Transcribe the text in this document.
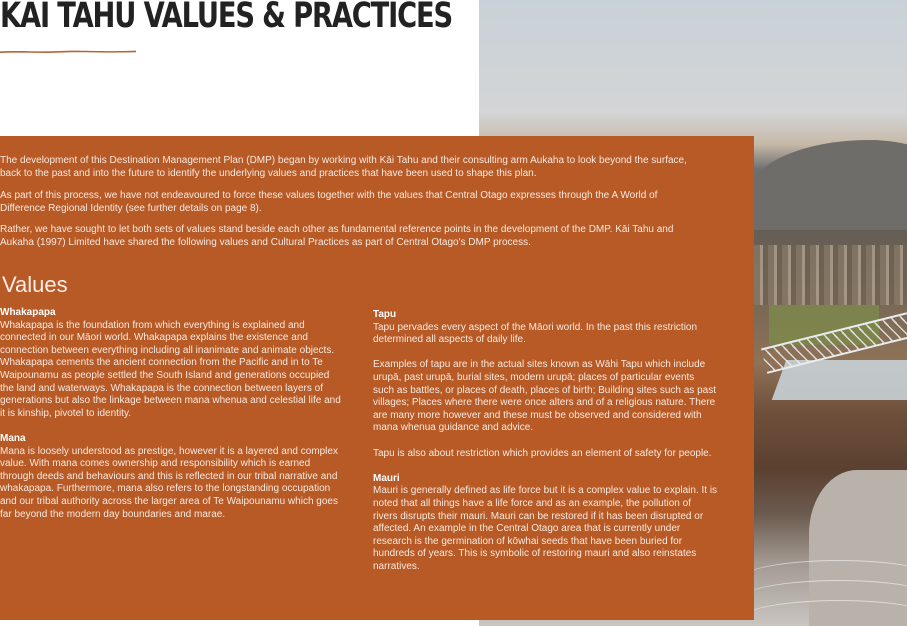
KAI TAHU VALUES & PRACTICES

The development of this Destination Management Plan (DMP) began by working with Kāi Tahu and their consulting arm Aukaha to look beyond the surface, back to the past and into the future to identify the underlying values and practices that have been used to shape this plan.

As part of this process, we have not endeavoured to force these values together with the values that Central Otago expresses through the A World of Difference Regional Identity (see further details on page 8).

Rather, we have sought to let both sets of values stand beside each other as fundamental reference points in the development of the DMP. Kāi Tahu and Aukaha (1997) Limited have shared the following values and Cultural Practices as part of Central Otago's DMP process.

Values
Whakapapa

Whakapapa is the foundation from which everything is explained and connected in our Māori world. Whakapapa explains the existence and connection between everything including all inanimate and animate objects. Whakapapa cements the ancient connection from the Pacific and in to Te Waipounamu as people settled the South Island and generations occupied the land and waterways. Whakapapa is the connection between layers of generations but also the linkage between mana whenua and celestial life and it is kinship, pivotel to identity.

Mana

Mana is loosely understood as prestige, however it is a layered and complex value. With mana comes ownership and responsibility which is earned through deeds and behaviours and this is reflected in our tribal narrative and whakapapa. Furthermore, mana also refers to the longstanding occupation and our tribal authority across the larger area of Te Waipounamu which goes far beyond the modern day boundaries and marae.

Tapu

Tapu pervades every aspect of the Māori world. In the past this restriction determined all aspects of daily life.

Examples of tapu are in the actual sites known as Wāhi Tapu which include urupā, past urupā, burial sites, modern urupā; places of particular events such as battles, or places of death, places of birth; Building sites such as past villages; Places where there were once alters and of a religious nature. There are many more however and these must be observed and considered with mana whenua guidance and advice.

Tapu is also about restriction which provides an element of safety for people.

Mauri

Mauri is generally defined as life force but it is a complex value to explain. It is noted that all things have a life force and as an example, the pollution of rivers disrupts their mauri. Mauri can be restored if it has been disrupted or affected. An example in the Central Otago area that is currently under research is the germination of kōwhai seeds that have been buried for hundreds of years. This is symbolic of restoring mauri and also reinstates narratives.
